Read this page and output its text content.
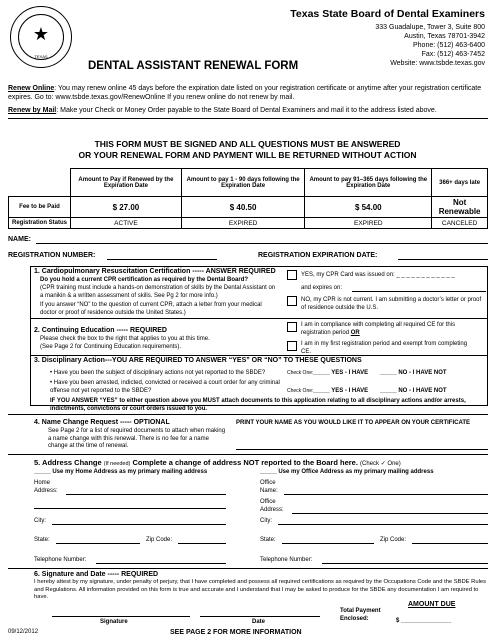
★
TEXAS
Texas State Board of Dental Examiners
333 Guadalupe, Tower 3, Suite 800
Austin, Texas 78701-3942
Phone: (512) 463-6400
Fax: (512) 463-7452
Website: www.tsbde.texas.gov
DENTAL ASSISTANT RENEWAL FORM
Renew Online: You may renew online 45 days before the expiration date listed on your registration certificate or anytime after your registration certificate expires. Go to: www.tsbde.texas.gov/RenewOnline If you renew online do not renew by mail.
Renew by Mail: Make your Check or Money Order payable to the State Board of Dental Examiners and mail it to the address listed above.
THIS FORM MUST BE SIGNED AND ALL QUESTIONS MUST BE ANSWERED
OR YOUR RENEWAL FORM AND PAYMENT WILL BE RETURNED WITHOUT ACTION
	Amount to Pay if Renewed by the Expiration Date	Amount to pay 1 - 90 days following the Expiration Date	Amount to pay 91–365 days following the Expiration Date	366+ days late
Fee to be Paid	$ 27.00	$ 40.50	$ 54.00	Not Renewable
Registration Status	ACTIVE	EXPIRED	EXPIRED	CANCELED
NAME:
REGISTRATION NUMBER:	REGISTRATION EXPIRATION DATE:
1. Cardiopulmonary Resuscitation Certification ----- ANSWER REQUIRED
Do you hold a current CPR certification as required by the Dental Board?
(CPR training must include a hands-on demonstration of skills by the Dental Assistant on a manikin & a written assessment of skills. See Pg 2 for more info.)
If you answer “NO” to the question of current CPR, attach a letter from your medical doctor or proof of residence outside the United States.)
YES, my CPR Card was issued on: _ _ _ _ _ _ _ _ _ _ _ _
and expires on:
NO, my CPR is not current. I am submitting a doctor’s letter or proof of residence outside the U.S.
2. Continuing Education ----- REQUIRED
Please check the box to the right that applies to you at this time.
(See Page 2 for Continuing Education requirements).
I am in compliance with completing all required CE for this registration period OR
I am in my first registration period and exempt from completing CE.
3. Disciplinary Action---YOU ARE REQUIRED TO ANSWER “YES” OR “NO” TO THESE QUESTIONS
• Have you been the subject of disciplinary actions not yet reported to the SBDE?	Check One: _____ YES - I HAVE _____ NO - I HAVE NOT
• Have you been arrested, indicted, convicted or received a court order for any criminal offense not yet reported to the SBDE?	Check One: _____ YES - I HAVE _____ NO - I HAVE NOT
IF YOU ANSWER “YES” to either question above you MUST attach documents to this application relating to all disciplinary actions and/or arrests, indictments, convictions or court orders issued to you.
4. Name Change Request ----- OPTIONAL
See Page 2 for a list of required documents to attach when making a name change with this renewal. There is no fee for a name change at the time of renewal.
PRINT YOUR NAME AS YOU WOULD LIKE IT TO APPEAR ON YOUR CERTIFICATE
5. Address Change (If needed) Complete a change of address NOT reported to the Board here. (Check ✓ One)
_____ Use my Home Address as my primary mailing address	_____ Use my Office Address as my primary mailing address
Home
Address:
Office
Name:
Office
Address:
City:	City:
State:	Zip Code:	State:	Zip Code:
Telephone Number:	Telephone Number:
6. Signature and Date ----- REQUIRED
I hereby attest by my signature, under penalty of perjury, that I have completed and possess all required certifications as required by the Occupations Code and the SBDE Rules and Regulations. All information provided on this form is true and accurate and I understand that I may be asked to produce for the SBDE any documentation I am required to have.
AMOUNT DUE
Signature	Date
Total Payment Enclosed:	$ _______________
09/12/2012	SEE PAGE 2 FOR MORE INFORMATION
